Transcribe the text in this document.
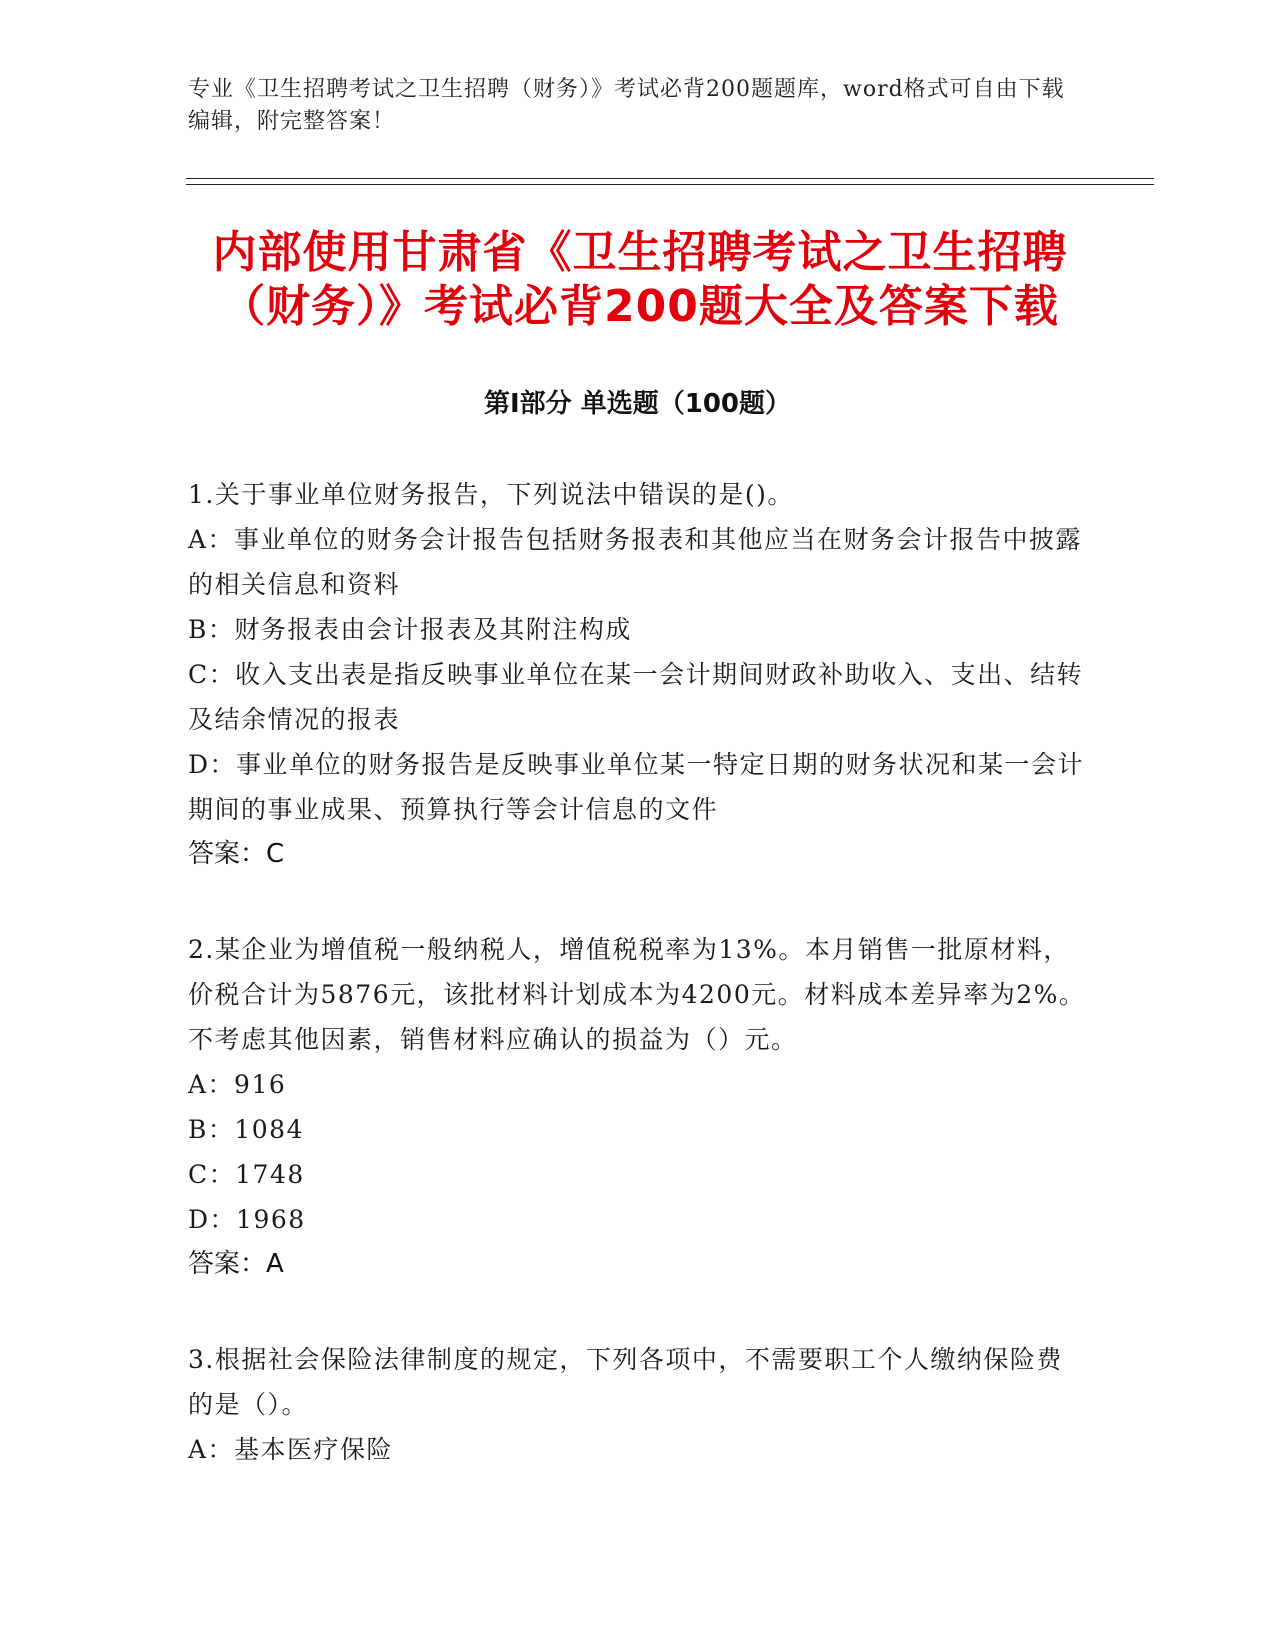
专业《卫生招聘考试之卫生招聘（财务）》考试必背200题题库，word格式可自由下载编辑，附完整答案！
内部使用甘肃省《卫生招聘考试之卫生招聘（财务）》考试必背200题大全及答案下载
第Ⅰ部分 单选题（100题）
1.关于事业单位财务报告，下列说法中错误的是()。
A：事业单位的财务会计报告包括财务报表和其他应当在财务会计报告中披露的相关信息和资料
B：财务报表由会计报表及其附注构成
C：收入支出表是指反映事业单位在某一会计期间财政补助收入、支出、结转及结余情况的报表
D：事业单位的财务报告是反映事业单位某一特定日期的财务状况和某一会计期间的事业成果、预算执行等会计信息的文件
答案：C
2.某企业为增值税一般纳税人，增值税税率为13%。本月销售一批原材料，价税合计为5876元，该批材料计划成本为4200元。材料成本差异率为2%。不考虑其他因素，销售材料应确认的损益为（）元。
A：916
B：1084
C：1748
D：1968
答案：A
3.根据社会保险法律制度的规定，下列各项中，不需要职工个人缴纳保险费的是（）。
A：基本医疗保险
